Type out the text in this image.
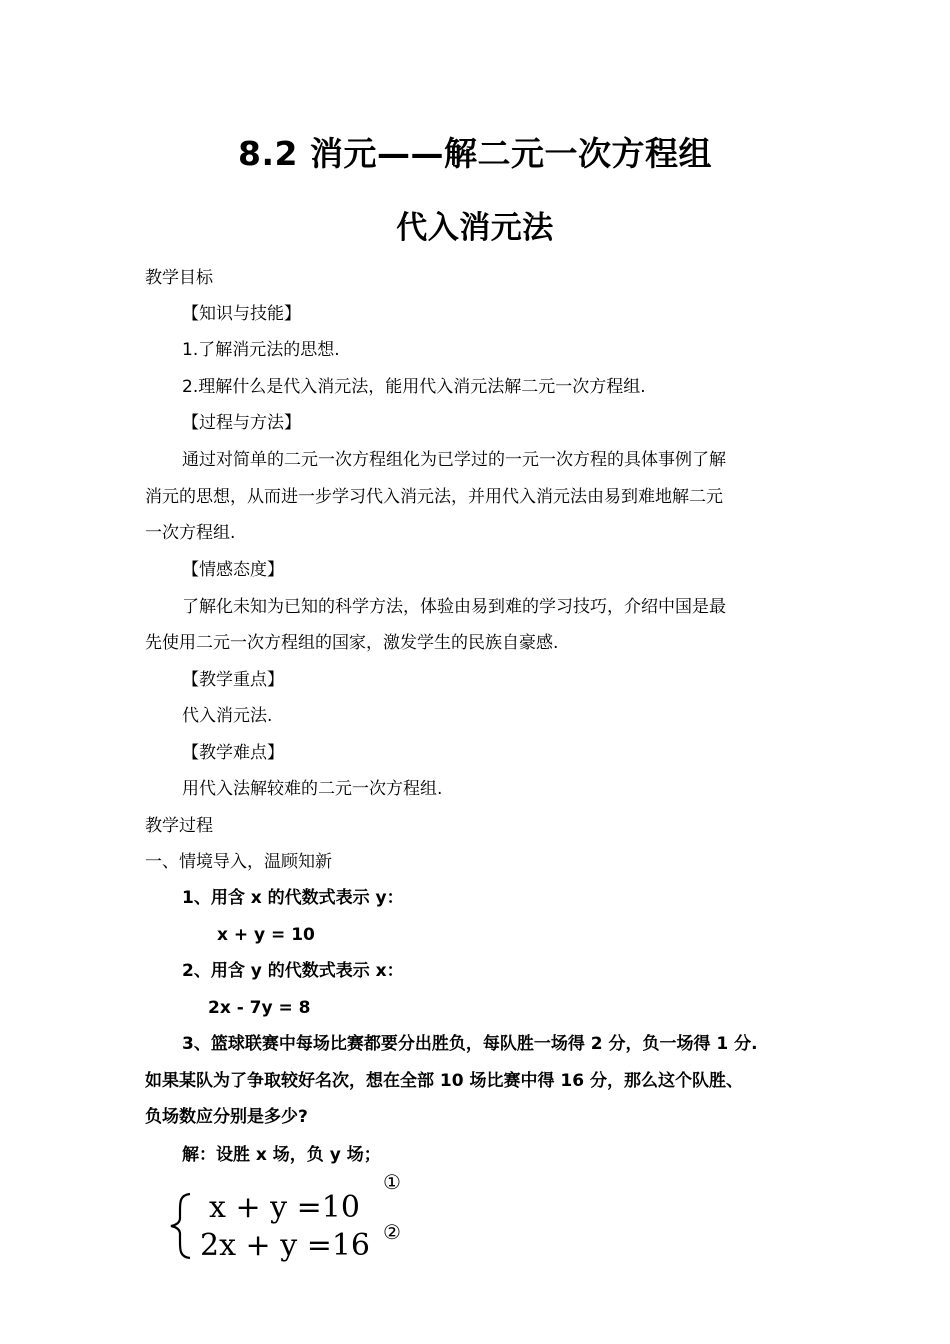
8.2 消元——解二元一次方程组
代入消元法
教学目标
【知识与技能】
1.了解消元法的思想.
2.理解什么是代入消元法，能用代入消元法解二元一次方程组.
【过程与方法】
通过对简单的二元一次方程组化为已学过的一元一次方程的具体事例了解
消元的思想，从而进一步学习代入消元法，并用代入消元法由易到难地解二元
一次方程组.
【情感态度】
了解化未知为已知的科学方法，体验由易到难的学习技巧，介绍中国是最
先使用二元一次方程组的国家，激发学生的民族自豪感.
【教学重点】
代入消元法.
【教学难点】
用代入法解较难的二元一次方程组.
教学过程
一、情境导入，温顾知新
1、用含 x 的代数式表示 y：
x + y = 10
2、用含 y 的代数式表示 x：
2x - 7y = 8
3、篮球联赛中每场比赛都要分出胜负，每队胜一场得 2 分，负一场得 1 分.
如果某队为了争取较好名次，想在全部 10 场比赛中得 16 分，那么这个队胜、
负场数应分别是多少?
解：设胜 x 场，负 y 场；
x + y =10
2x + y =16
①
②
